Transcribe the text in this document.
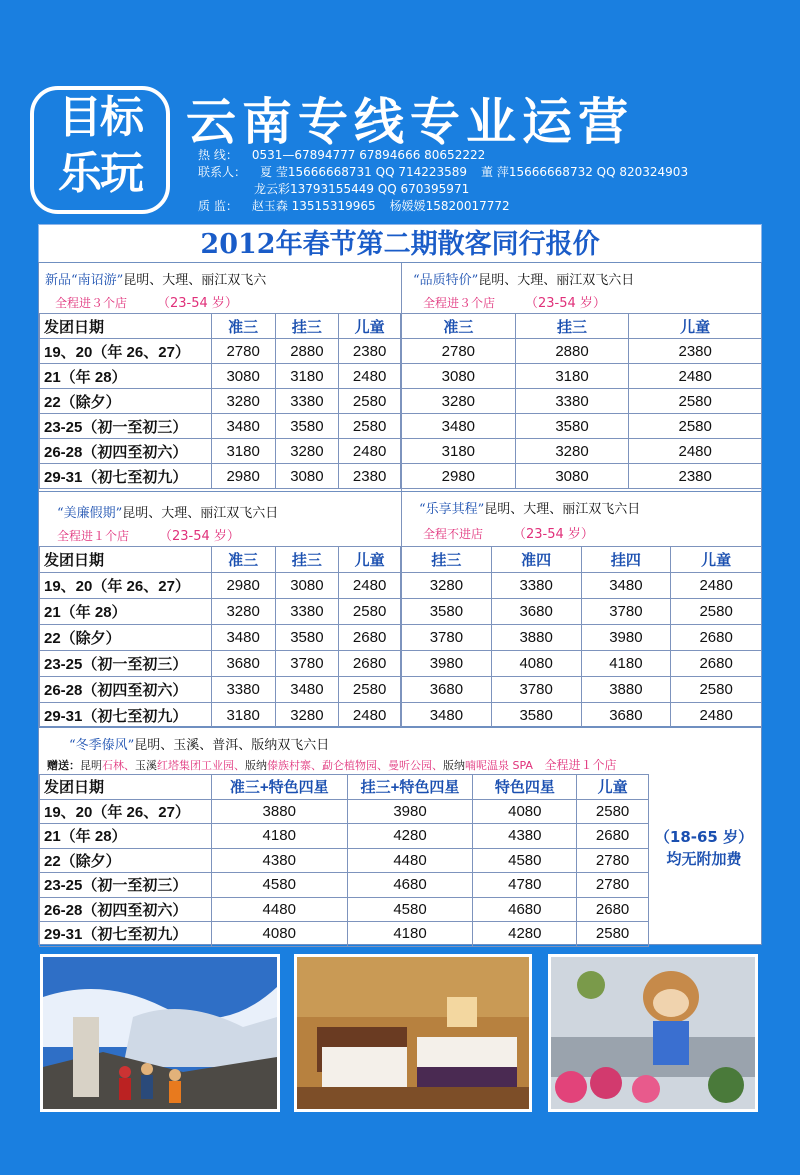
目标
乐玩
云南专线专业运营
热 线： 0531—67894777 67894666 80652222
联系人： 夏 莹15666668731 QQ 714223589 董 萍15666668732 QQ 820324903
龙云彩13793155449 QQ 670395971
质 监： 赵玉森 13515319965 杨媛媛15820017772
2012年春节第二期散客同行报价
新品“南诏游”昆明、大理、丽江双飞六
全程进３个店 （23-54 岁）
“品质特价”昆明、大理、丽江双飞六日
全程进３个店 （23-54 岁）
发团日期	准三	挂三	儿童
19、20（年 26、27）	2780	2880	2380
21（年 28）	3080	3180	2480
22（除夕）	3280	3380	2580
23-25（初一至初三）	3480	3580	2580
26-28（初四至初六）	3180	3280	2480
29-31（初七至初九）	2980	3080	2380
准三	挂三	儿童
2780	2880	2380
3080	3180	2480
3280	3380	2580
3480	3580	2580
3180	3280	2480
2980	3080	2380
“美廉假期”昆明、大理、丽江双飞六日
全程进１个店 （23-54 岁）
“乐享其程”昆明、大理、丽江双飞六日
全程不进店 （23-54 岁）
发团日期	准三	挂三	儿童
19、20（年 26、27）	2980	3080	2480
21（年 28）	3280	3380	2580
22（除夕）	3480	3580	2680
23-25（初一至初三）	3680	3780	2680
26-28（初四至初六）	3380	3480	2580
29-31（初七至初九）	3180	3280	2480
挂三	准四	挂四	儿童
3280	3380	3480	2480
3580	3680	3780	2580
3780	3880	3980	2680
3980	4080	4180	2680
3680	3780	3880	2580
3480	3580	3680	2480
“冬季傣风”昆明、玉溪、普洱、版纳双飞六日
赠送：昆明石林、玉溪红塔集团工业园、版纳傣族村寨、勐仑植物园、曼听公园、版纳喃呢温泉 SPA 全程进１个店
发团日期	准三+特色四星	挂三+特色四星	特色四星	儿童
19、20（年 26、27）	3880	3980	4080	2580
21（年 28）	4180	4280	4380	2680
22（除夕）	4380	4480	4580	2780
23-25（初一至初三）	4580	4680	4780	2780
26-28（初四至初六）	4480	4580	4680	2680
29-31（初七至初九）	4080	4180	4280	2580
（18-65 岁）
均无附加费
